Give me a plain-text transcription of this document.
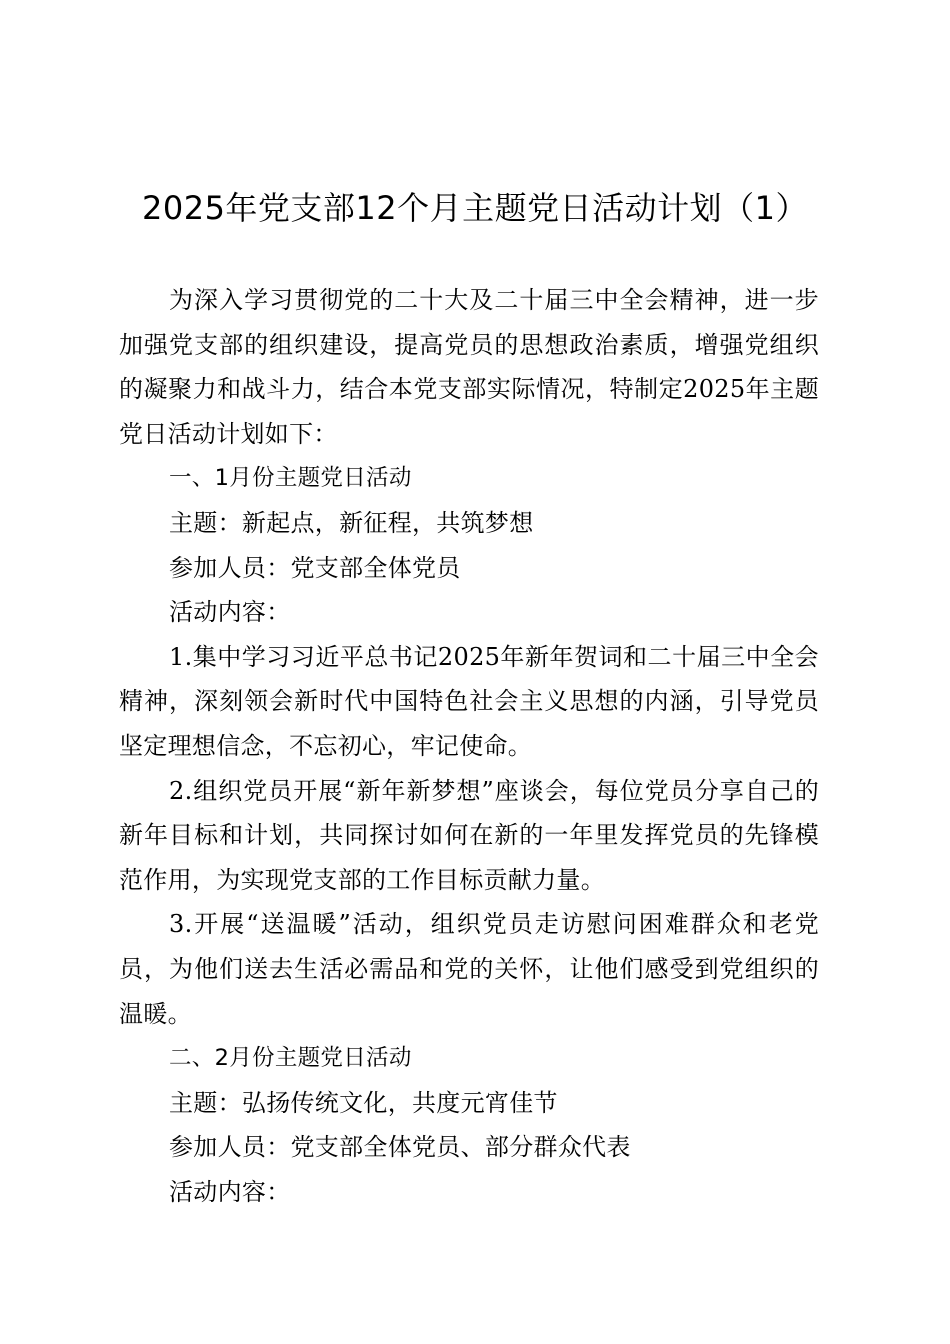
2025年党支部12个月主题党日活动计划（1）

为深入学习贯彻党的二十大及二十届三中全会精神，进一步加强党支部的组织建设，提高党员的思想政治素质，增强党组织的凝聚力和战斗力，结合本党支部实际情况，特制定2025年主题党日活动计划如下：

一、1月份主题党日活动

主题：新起点，新征程，共筑梦想

参加人员：党支部全体党员

活动内容：

1.集中学习习近平总书记2025年新年贺词和二十届三中全会精神，深刻领会新时代中国特色社会主义思想的内涵，引导党员坚定理想信念，不忘初心，牢记使命。

2.组织党员开展“新年新梦想”座谈会，每位党员分享自己的新年目标和计划，共同探讨如何在新的一年里发挥党员的先锋模范作用，为实现党支部的工作目标贡献力量。

3.开展“送温暖”活动，组织党员走访慰问困难群众和老党员，为他们送去生活必需品和党的关怀，让他们感受到党组织的温暖。

二、2月份主题党日活动

主题：弘扬传统文化，共度元宵佳节

参加人员：党支部全体党员、部分群众代表

活动内容：
